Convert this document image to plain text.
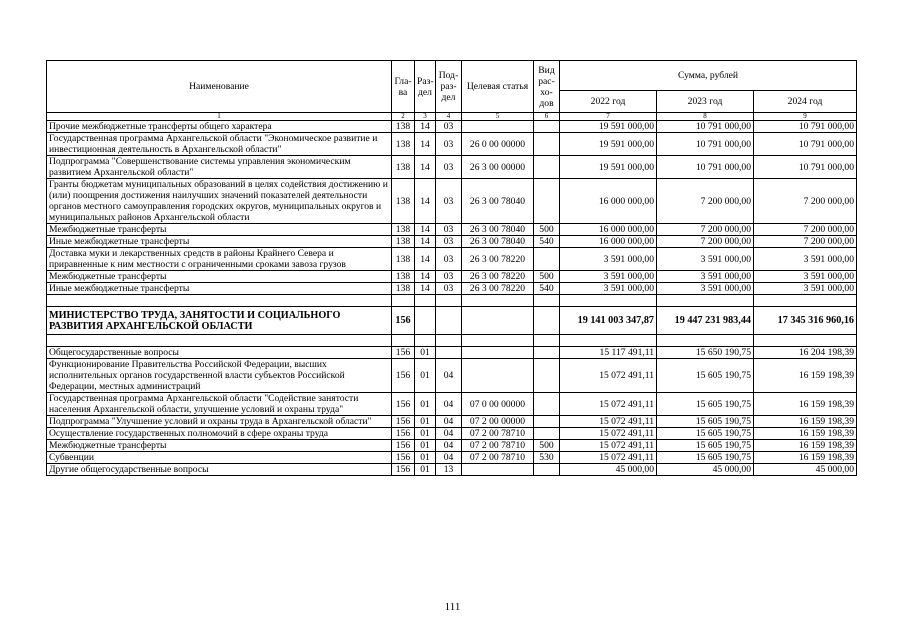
Наименование	Гла-ва	Раз-дел	Под-раз-дел	Целевая статья	Вид рас-хо-дов	Сумма, рублей		
						2022 год	2023 год	2024 год
1	2	3	4	5	6	7	8	9
Прочие межбюджетные трансферты общего характера	138	14	03			19 591 000,00	10 791 000,00	10 791 000,00
Государственная программа Архангельской области "Экономическое развитие и инвестиционная деятельность в Архангельской области"	138	14	03	26 0 00 00000		19 591 000,00	10 791 000,00	10 791 000,00
Подпрограмма "Совершенствование системы управления экономическим развитием Архангельской области"	138	14	03	26 3 00 00000		19 591 000,00	10 791 000,00	10 791 000,00
Гранты бюджетам муниципальных образований в целях содействия достижению и (или) поощрения достижения наилучших значений показателей деятельности органов местного самоуправления городских округов, муниципальных округов и муниципальных районов Архангельской области	138	14	03	26 3 00 78040		16 000 000,00	7 200 000,00	7 200 000,00
Межбюджетные трансферты	138	14	03	26 3 00 78040	500	16 000 000,00	7 200 000,00	7 200 000,00
Иные межбюджетные трансферты	138	14	03	26 3 00 78040	540	16 000 000,00	7 200 000,00	7 200 000,00
Доставка муки и лекарственных средств в районы Крайнего Севера и приравненные к ним местности с ограниченными сроками завоза грузов	138	14	03	26 3 00 78220		3 591 000,00	3 591 000,00	3 591 000,00
Межбюджетные трансферты	138	14	03	26 3 00 78220	500	3 591 000,00	3 591 000,00	3 591 000,00
Иные межбюджетные трансферты	138	14	03	26 3 00 78220	540	3 591 000,00	3 591 000,00	3 591 000,00

МИНИСТЕРСТВО ТРУДА, ЗАНЯТОСТИ И СОЦИАЛЬНОГО РАЗВИТИЯ АРХАНГЕЛЬСКОЙ ОБЛАСТИ	156					19 141 003 347,87	19 447 231 983,44	17 345 316 960,16

Общегосударственные вопросы	156	01				15 117 491,11	15 650 190,75	16 204 198,39
Функционирование Правительства Российской Федерации, высших исполнительных органов государственной власти субъектов Российской Федерации, местных администраций	156	01	04			15 072 491,11	15 605 190,75	16 159 198,39
Государственная программа Архангельской области "Содействие занятости населения Архангельской области, улучшение условий и охраны труда"	156	01	04	07 0 00 00000		15 072 491,11	15 605 190,75	16 159 198,39
Подпрограмма "Улучшение условий и охраны труда в Архангельской области"	156	01	04	07 2 00 00000		15 072 491,11	15 605 190,75	16 159 198,39
Осуществление государственных полномочий в сфере охраны труда	156	01	04	07 2 00 78710		15 072 491,11	15 605 190,75	16 159 198,39
Межбюджетные трансферты	156	01	04	07 2 00 78710	500	15 072 491,11	15 605 190,75	16 159 198,39
Субвенции	156	01	04	07 2 00 78710	530	15 072 491,11	15 605 190,75	16 159 198,39
Другие общегосударственные вопросы	156	01	13			45 000,00	45 000,00	45 000,00
111
